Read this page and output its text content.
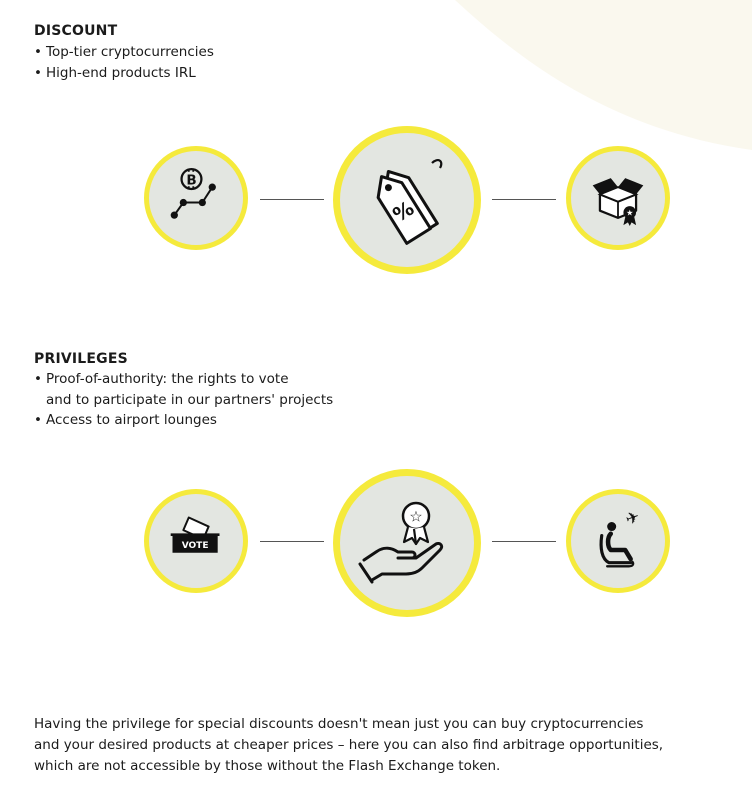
DISCOUNT
• Top-tier cryptocurrencies
• High-end products IRL
B
%	★
PRIVILEGES
• Proof-of-authority: the rights to vote
and to participate in our partners' projects
• Access to airport lounges
VOTE
☆	✈

Having the privilege for special discounts doesn't mean just you can buy cryptocurrencies
and your desired products at cheaper prices – here you can also find arbitrage opportunities,
which are not accessible by those without the Flash Exchange token.
